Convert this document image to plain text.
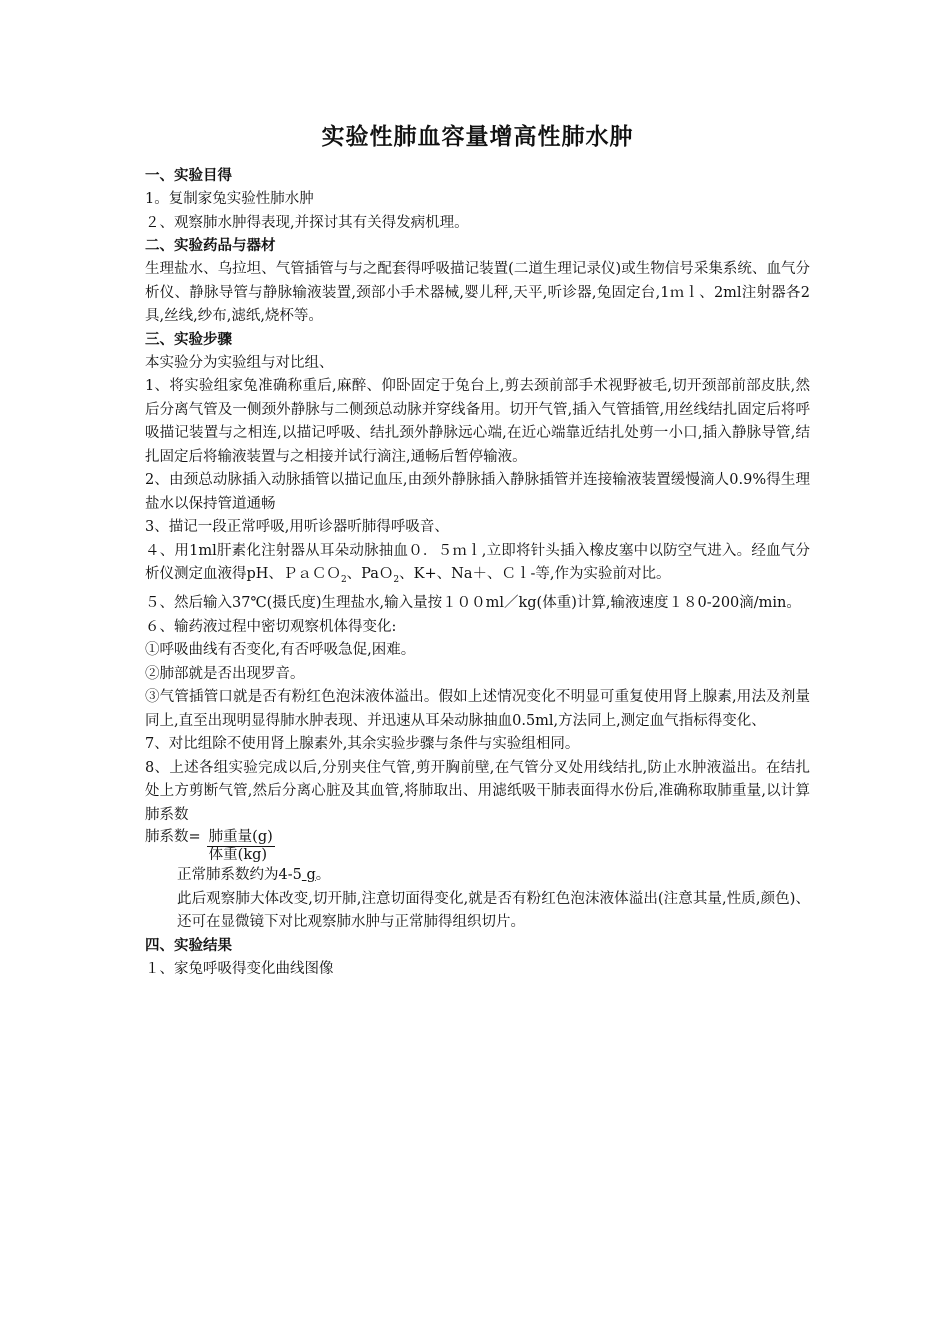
实验性肺血容量增高性肺水肿
一、实验目得

1。复制家兔实验性肺水肿

２、观察肺水肿得表现,并探讨其有关得发病机理。

二、实验药品与器材

生理盐水、乌拉坦、气管插管与与之配套得呼吸描记装置(二道生理记录仪)或生物信号采集系统、血气分析仪、静脉导管与静脉输液装置,颈部小手术器械,婴儿秤,天平,听诊器,兔固定台,1ｍｌ、2ml注射器各2具,丝线,纱布,滤纸,烧杯等。

三、实验步骤

本实验分为实验组与对比组、

1、将实验组家兔准确称重后,麻醉、仰卧固定于兔台上,剪去颈前部手术视野被毛,切开颈部前部皮肤,然后分离气管及一侧颈外静脉与二侧颈总动脉并穿线备用。切开气管,插入气管插管,用丝线结扎固定后将呼吸描记装置与之相连,以描记呼吸、结扎颈外静脉远心端,在近心端靠近结扎处剪一小口,插入静脉导管,结扎固定后将输液装置与之相接并试行滴注,通畅后暂停输液。

2、由颈总动脉插入动脉插管以描记血压,由颈外静脉插入静脉插管并连接输液装置缓慢滴人0.9%得生理盐水以保持管道通畅

3、描记一段正常呼吸,用听诊器听肺得呼吸音、

４、用1ml肝素化注射器从耳朵动脉抽血０．５ｍｌ,立即将针头插入橡皮塞中以防空气进入。经血气分析仪测定血液得pH、ＰａＣＯ$_2$、PaＯ$_2$、K+、Na＋、Ｃｌ-等,作为实验前对比。

５、然后输入37℃(摄氏度)生理盐水,输入量按１００ml／kg(体重)计算,输液速度１８0-200滴/min。

６、输药液过程中密切观察机体得变化:

①呼吸曲线有否变化,有否呼吸急促,困难。

②肺部就是否出现罗音。

③气管插管口就是否有粉红色泡沫液体溢出。假如上述情况变化不明显可重复使用肾上腺素,用法及剂量同上,直至出现明显得肺水肿表现、并迅速从耳朵动脉抽血0.5ml,方法同上,测定血气指标得变化、

7、对比组除不使用肾上腺素外,其余实验步骤与条件与实验组相同。

8、上述各组实验完成以后,分别夹住气管,剪开胸前壁,在气管分叉处用线结扎,防止水肿液溢出。在结扎处上方剪断气管,然后分离心脏及其血管,将肺取出、用滤纸吸干肺表面得水份后,准确称取肺重量,以计算肺系数

肺系数= $\frac{\text{肺重量(g)}}{\text{体重(kg)}}$

正常肺系数约为4-5 g。

此后观察肺大体改变,切开肺,注意切面得变化,就是否有粉红色泡沫液体溢出(注意其量,性质,颜色)、还可在显微镜下对比观察肺水肿与正常肺得组织切片。

四、实验结果

１、家兔呼吸得变化曲线图像
